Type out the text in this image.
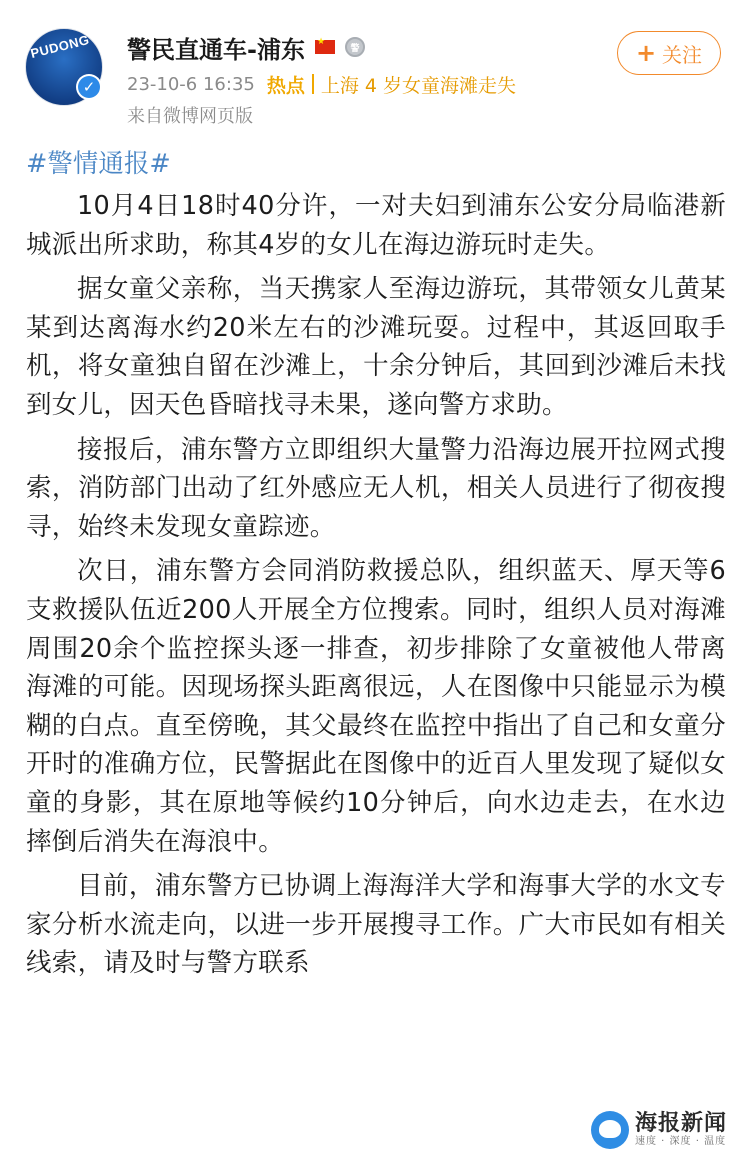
PUDONG
✓
警民直通车-浦东
★	警
23-10-6 16:35 热点 上海 4 岁女童海滩走失
来自微博网页版
+ 关注
#警情通报#

10月4日18时40分许，一对夫妇到浦东公安分局临港新城派出所求助，称其4岁的女儿在海边游玩时走失。

据女童父亲称，当天携家人至海边游玩，其带领女儿黄某某到达离海水约20米左右的沙滩玩耍。过程中，其返回取手机，将女童独自留在沙滩上，十余分钟后，其回到沙滩后未找到女儿，因天色昏暗找寻未果，遂向警方求助。

接报后，浦东警方立即组织大量警力沿海边展开拉网式搜索，消防部门出动了红外感应无人机，相关人员进行了彻夜搜寻，始终未发现女童踪迹。

次日，浦东警方会同消防救援总队，组织蓝天、厚天等6支救援队伍近200人开展全方位搜索。同时，组织人员对海滩周围20余个监控探头逐一排查，初步排除了女童被他人带离海滩的可能。因现场探头距离很远，人在图像中只能显示为模糊的白点。直至傍晚，其父最终在监控中指出了自己和女童分开时的准确方位，民警据此在图像中的近百人里发现了疑似女童的身影，其在原地等候约10分钟后，向水边走去，在水边摔倒后消失在海浪中。

目前，浦东警方已协调上海海洋大学和海事大学的水文专家分析水流走向，以进一步开展搜寻工作。广大市民如有相关线索，请及时与警方联系

海报新闻
速度 · 深度 · 温度
